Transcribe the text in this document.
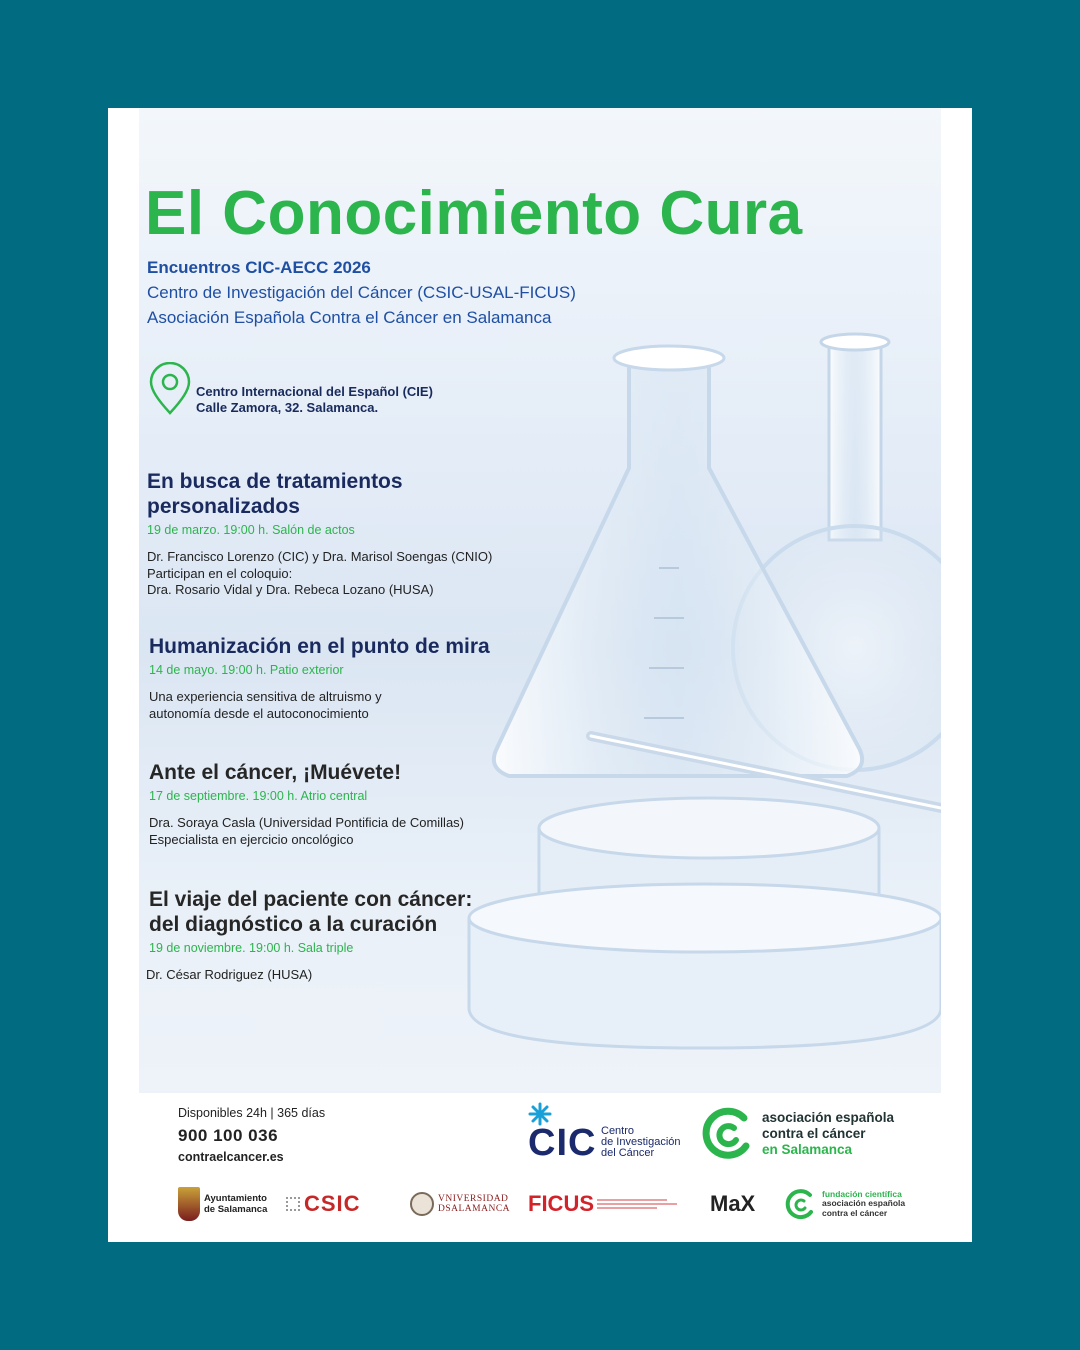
El Conocimiento Cura
Encuentros CIC-AECC 2026
Centro de Investigación del Cáncer (CSIC-USAL-FICUS)
Asociación Española Contra el Cáncer en Salamanca
Centro Internacional del Español (CIE)
Calle Zamora, 32. Salamanca.
En busca de tratamientos
personalizados
19 de marzo. 19:00 h. Salón de actos
Dr. Francisco Lorenzo (CIC) y Dra. Marisol Soengas (CNIO)
Participan en el coloquio:
Dra. Rosario Vidal y Dra. Rebeca Lozano (HUSA)
Humanización en el punto de mira
14 de mayo. 19:00 h. Patio exterior
Una experiencia sensitiva de altruismo y
autonomía desde el autoconocimiento
Ante el cáncer, ¡Muévete!
17 de septiembre. 19:00 h. Atrio central
Dra. Soraya Casla (Universidad Pontificia de Comillas)
Especialista en ejercicio oncológico
El viaje del paciente con cáncer:
del diagnóstico a la curación
19 de noviembre. 19:00 h. Sala triple
Dr. César Rodriguez (HUSA)
Disponibles 24h | 365 días
900 100 036
contraelcancer.es	CIC Centro
de Investigación
del Cáncer
asociación española
contra el cáncer
en Salamanca
Ayuntamiento
de Salamanca CSIC	VNIVERSIDAD
DSALAMANCA FICUS	MaX	fundación científica
asociación española
contra el cáncer
